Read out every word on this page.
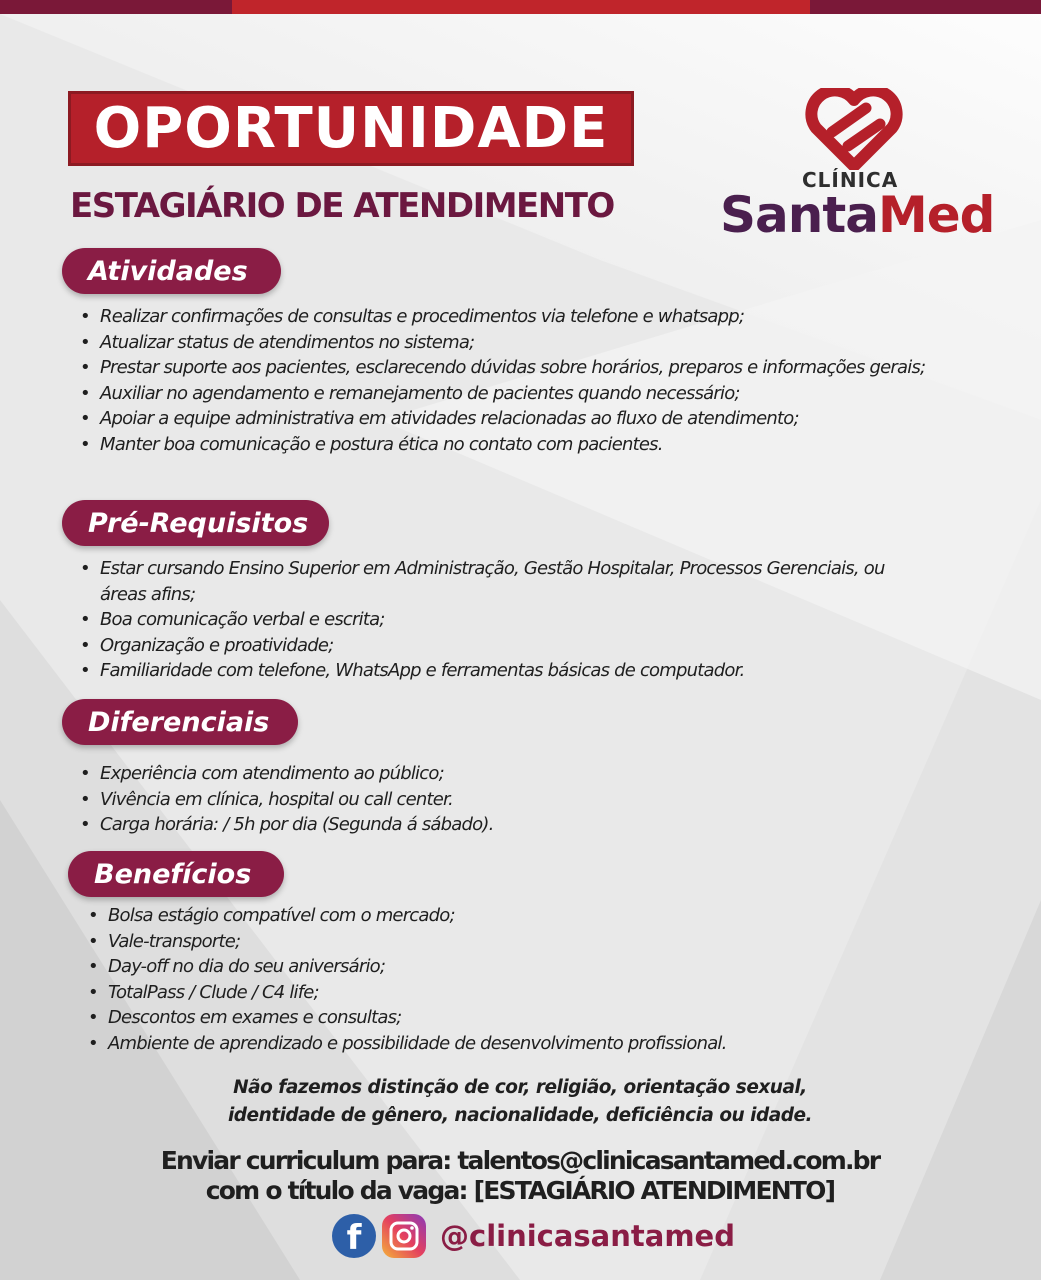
OPORTUNIDADE
ESTAGIÁRIO DE ATENDIMENTO
CLÍNICA
SantaMed
Atividades
• Realizar confirmações de consultas e procedimentos via telefone e whatsapp;
• Atualizar status de atendimentos no sistema;
• Prestar suporte aos pacientes, esclarecendo dúvidas sobre horários, preparos e informações gerais;
• Auxiliar no agendamento e remanejamento de pacientes quando necessário;
• Apoiar a equipe administrativa em atividades relacionadas ao fluxo de atendimento;
• Manter boa comunicação e postura ética no contato com pacientes.
Pré-Requisitos
• Estar cursando Ensino Superior em Administração, Gestão Hospitalar, Processos Gerenciais, ou áreas afins;
• Boa comunicação verbal e escrita;
• Organização e proatividade;
• Familiaridade com telefone, WhatsApp e ferramentas básicas de computador.
Diferenciais
• Experiência com atendimento ao público;
• Vivência em clínica, hospital ou call center.
• Carga horária: / 5h por dia (Segunda á sábado).
Benefícios
• Bolsa estágio compatível com o mercado;
• Vale-transporte;
• Day-off no dia do seu aniversário;
• TotalPass / Clude / C4 life;
• Descontos em exames e consultas;
• Ambiente de aprendizado e possibilidade de desenvolvimento profissional.
Não fazemos distinção de cor, religião, orientação sexual,
identidade de gênero, nacionalidade, deficiência ou idade.
Enviar curriculum para: talentos@clinicasantamed.com.br
com o título da vaga: [ESTAGIÁRIO ATENDIMENTO]
f	@clinicasantamed
